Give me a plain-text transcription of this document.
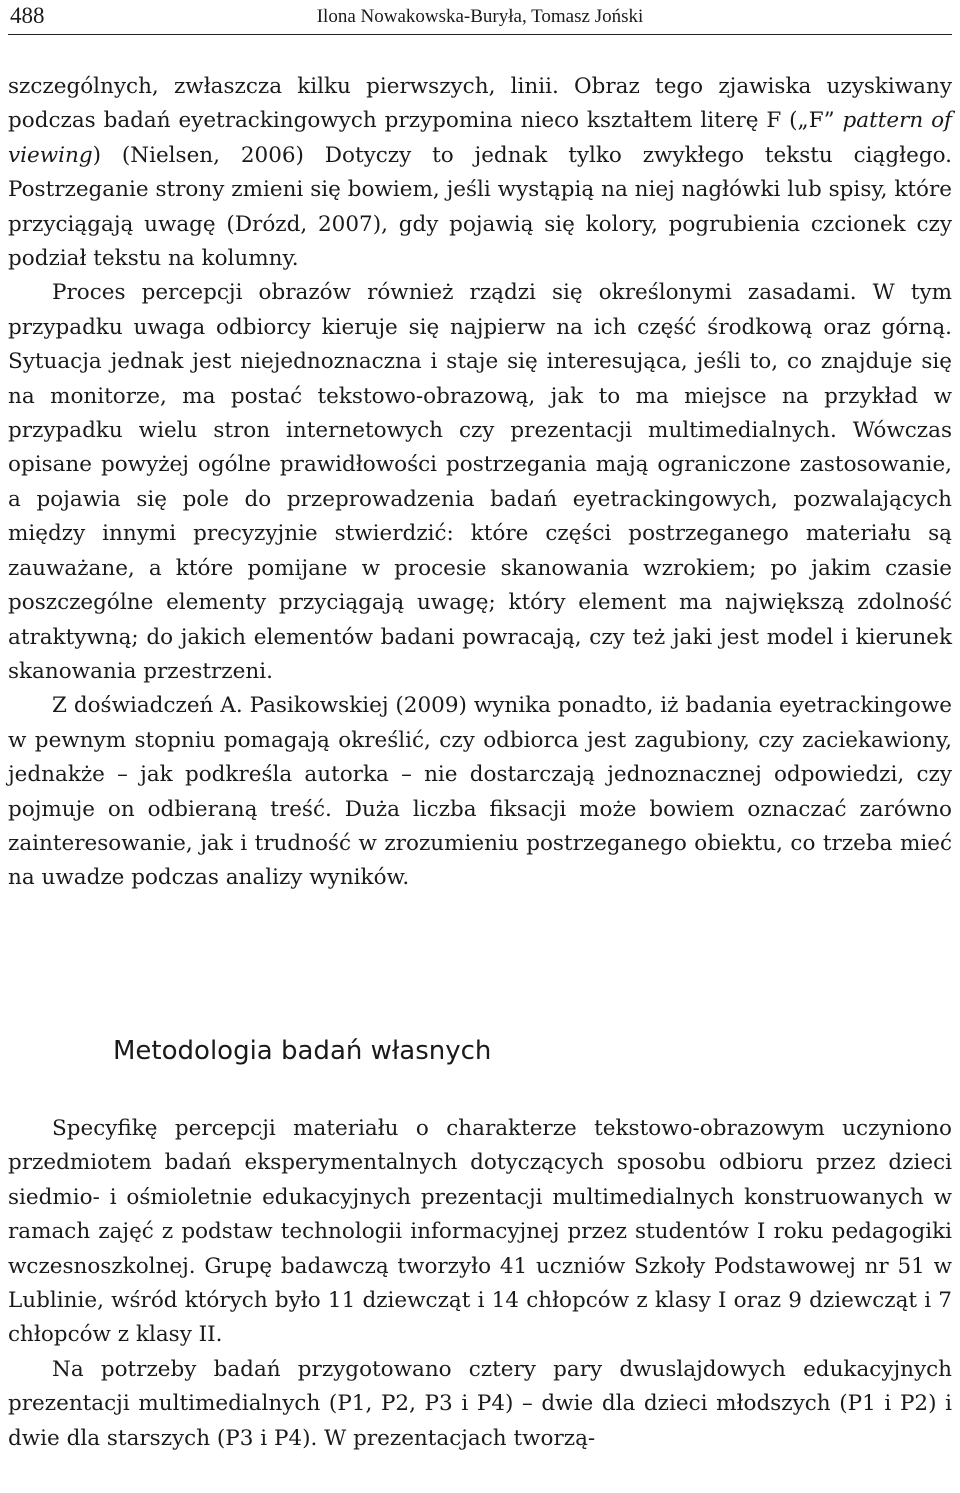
488	Ilona Nowakowska-Buryła, Tomasz Joński

szczególnych, zwłaszcza kilku pierwszych, linii. Obraz tego zjawiska uzyskiwany podczas badań eyetrackingowych przypomina nieco kształtem literę F („F” pattern of viewing) (Nielsen, 2006) Dotyczy to jednak tylko zwykłego tekstu ciągłego. Postrzeganie strony zmieni się bowiem, jeśli wystąpią na niej nagłówki lub spisy, które przyciągają uwagę (Drózd, 2007), gdy pojawią się kolory, pogrubienia czcionek czy podział tekstu na kolumny.

Proces percepcji obrazów również rządzi się określonymi zasadami. W tym przypadku uwaga odbiorcy kieruje się najpierw na ich część środkową oraz górną. Sytuacja jednak jest niejednoznaczna i staje się interesująca, jeśli to, co znajduje się na monitorze, ma postać tekstowo-obrazową, jak to ma miejsce na przykład w przypadku wielu stron internetowych czy prezentacji multimedialnych. Wówczas opisane powyżej ogólne prawidłowości postrzegania mają ograniczone zastosowanie, a pojawia się pole do przeprowadzenia badań eyetrackingowych, pozwalających między innymi precyzyjnie stwierdzić: które części postrzeganego materiału są zauważane, a które pomijane w procesie skanowania wzrokiem; po jakim czasie poszczególne elementy przyciągają uwagę; który element ma największą zdolność atraktywną; do jakich elementów badani powracają, czy też jaki jest model i kierunek skanowania przestrzeni.

Z doświadczeń A. Pasikowskiej (2009) wynika ponadto, iż badania eyetrackingowe w pewnym stopniu pomagają określić, czy odbiorca jest zagubiony, czy zaciekawiony, jednakże – jak podkreśla autorka – nie dostarczają jednoznacznej odpowiedzi, czy pojmuje on odbieraną treść. Duża liczba fiksacji może bowiem oznaczać zarówno zainteresowanie, jak i trudność w zrozumieniu postrzeganego obiektu, co trzeba mieć na uwadze podczas analizy wyników.

Metodologia badań własnych

Specyfikę percepcji materiału o charakterze tekstowo-obrazowym uczyniono przedmiotem badań eksperymentalnych dotyczących sposobu odbioru przez dzieci siedmio- i ośmioletnie edukacyjnych prezentacji multimedialnych konstruowanych w ramach zajęć z podstaw technologii informacyjnej przez studentów I roku pedagogiki wczesnoszkolnej. Grupę badawczą tworzyło 41 uczniów Szkoły Podstawowej nr 51 w Lublinie, wśród których było 11 dziewcząt i 14 chłopców z klasy I oraz 9 dziewcząt i 7 chłopców z klasy II.

Na potrzeby badań przygotowano cztery pary dwuslajdowych edukacyjnych prezentacji multimedialnych (P1, P2, P3 i P4) – dwie dla dzieci młodszych (P1 i P2) i dwie dla starszych (P3 i P4). W prezentacjach tworzą-
